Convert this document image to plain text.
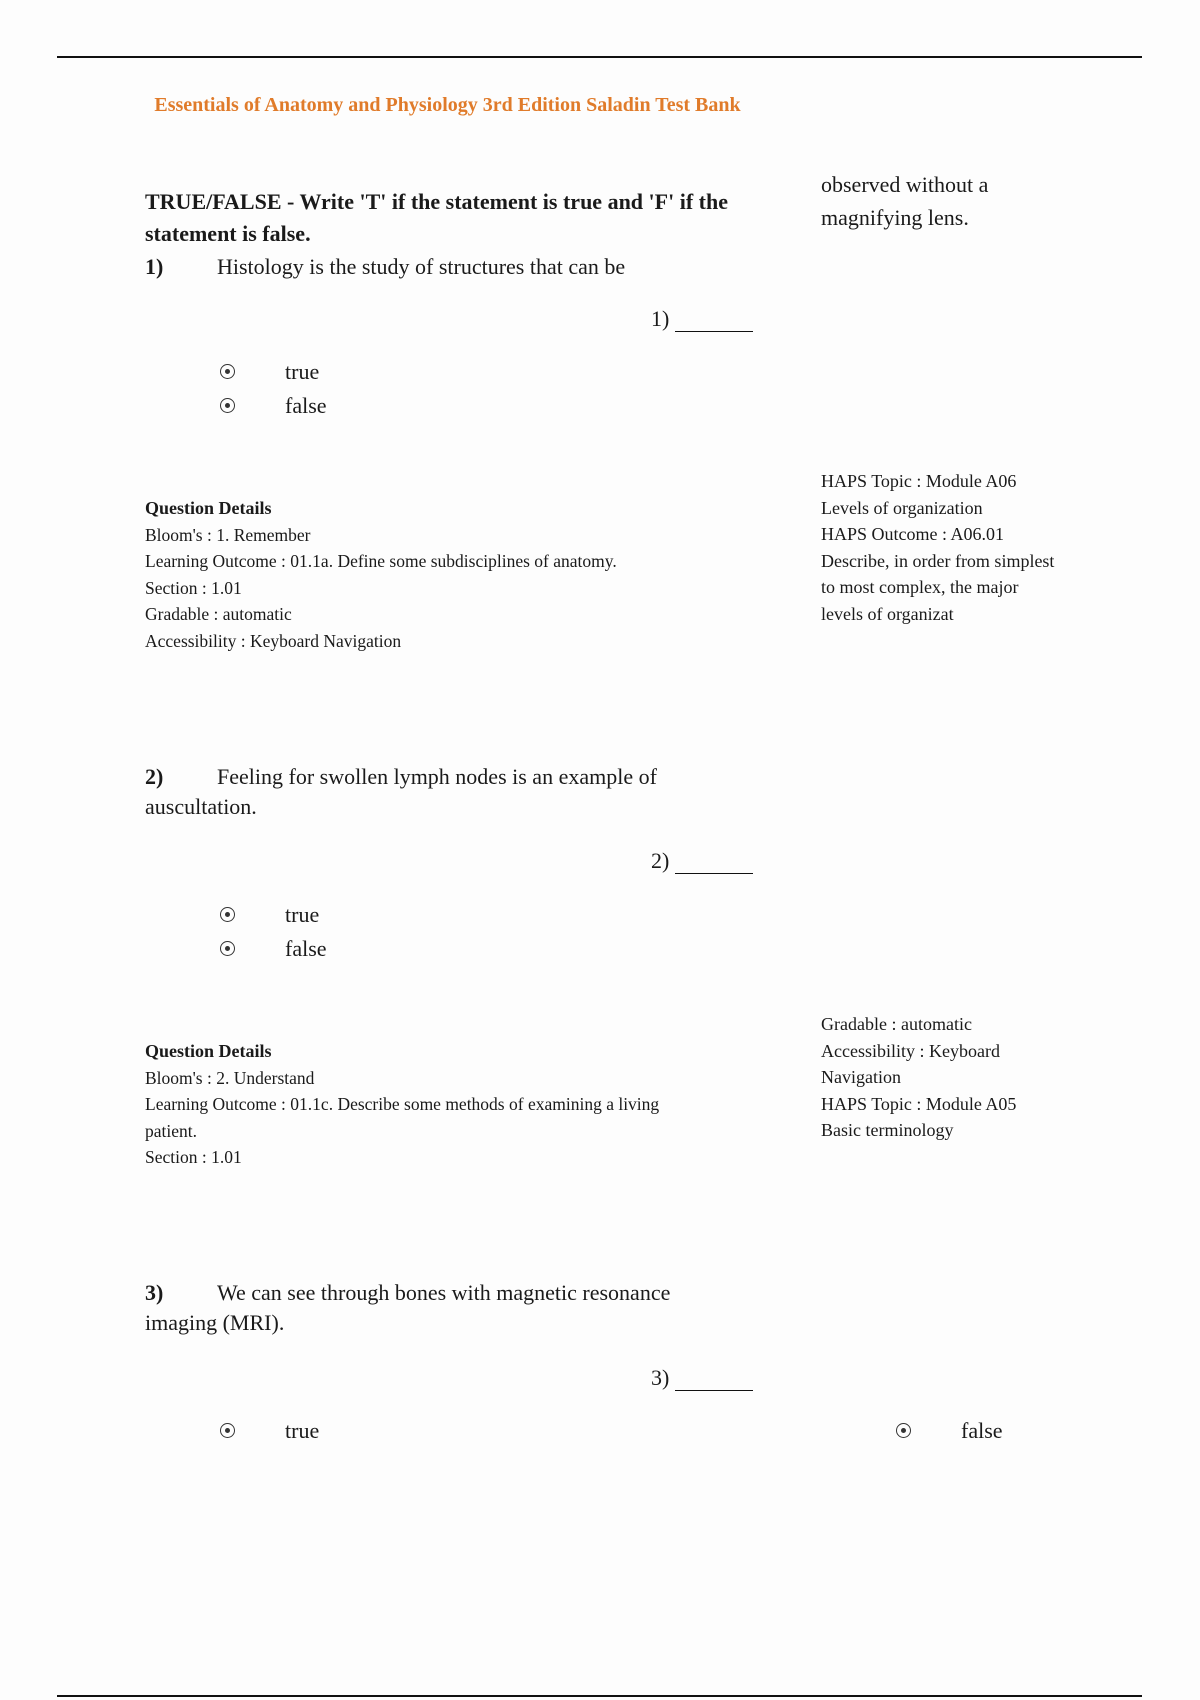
Essentials of Anatomy and Physiology 3rd Edition Saladin Test Bank
TRUE/FALSE - Write 'T' if the statement is true and 'F' if the statement is false.
observed without a magnifying lens.
1) Histology is the study of structures that can be
1)
true
false
Question Details
Bloom's : 1. Remember
Learning Outcome : 01.1a. Define some subdisciplines of anatomy.
Section : 1.01
Gradable : automatic
Accessibility : Keyboard Navigation
HAPS Topic : Module A06
Levels of organization
HAPS Outcome : A06.01
Describe, in order from simplest
to most complex, the major
levels of organizat
2) Feeling for swollen lymph nodes is an example of auscultation.
2)
true
false
Question Details
Bloom's : 2. Understand
Learning Outcome : 01.1c. Describe some methods of examining a living
patient.
Section : 1.01
Gradable : automatic
Accessibility : Keyboard
Navigation
HAPS Topic : Module A05
Basic terminology
3) We can see through bones with magnetic resonance imaging (MRI).
3)
true	false
